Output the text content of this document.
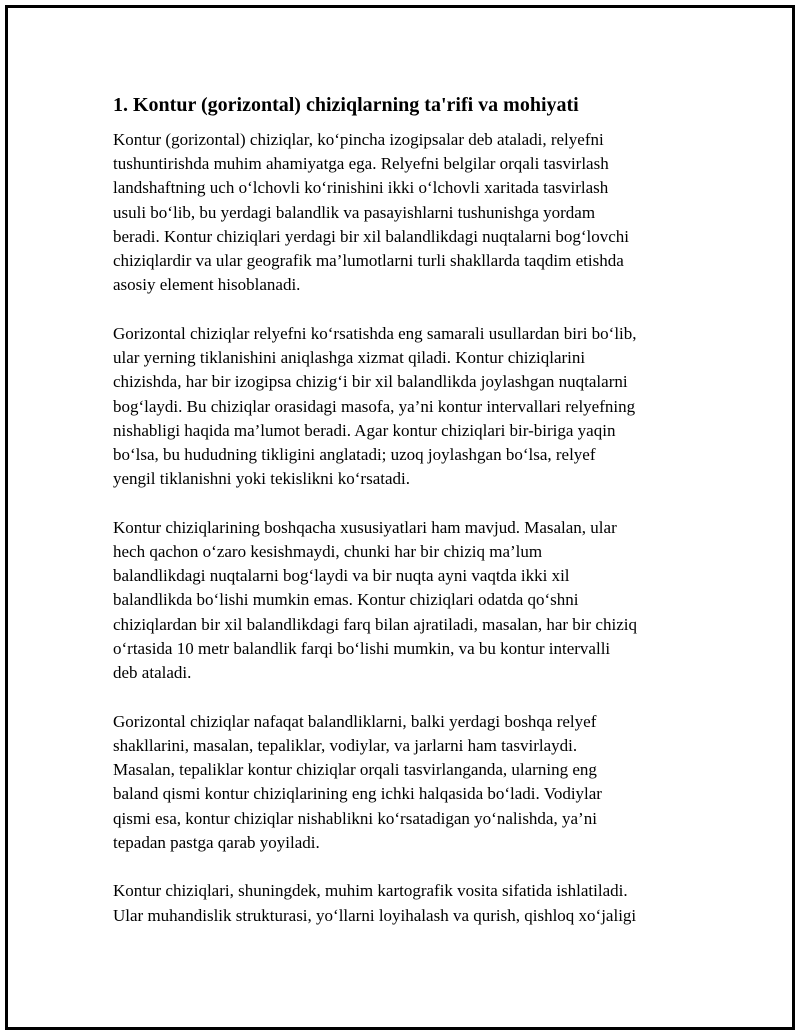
1. Kontur (gorizontal) chiziqlarning ta'rifi va mohiyati

Kontur (gorizontal) chiziqlar, ko‘pincha izogipsalar deb ataladi, relyefni
tushuntirishda muhim ahamiyatga ega. Relyefni belgilar orqali tasvirlash
landshaftning uch o‘lchovli ko‘rinishini ikki o‘lchovli xaritada tasvirlash
usuli bo‘lib, bu yerdagi balandlik va pasayishlarni tushunishga yordam
beradi. Kontur chiziqlari yerdagi bir xil balandlikdagi nuqtalarni bog‘lovchi
chiziqlardir va ular geografik ma’lumotlarni turli shakllarda taqdim etishda
asosiy element hisoblanadi.

Gorizontal chiziqlar relyefni ko‘rsatishda eng samarali usullardan biri bo‘lib,
ular yerning tiklanishini aniqlashga xizmat qiladi. Kontur chiziqlarini
chizishda, har bir izogipsa chizig‘i bir xil balandlikda joylashgan nuqtalarni
bog‘laydi. Bu chiziqlar orasidagi masofa, ya’ni kontur intervallari relyefning
nishabligi haqida ma’lumot beradi. Agar kontur chiziqlari bir-biriga yaqin
bo‘lsa, bu hududning tikligini anglatadi; uzoq joylashgan bo‘lsa, relyef
yengil tiklanishni yoki tekislikni ko‘rsatadi.

Kontur chiziqlarining boshqacha xususiyatlari ham mavjud. Masalan, ular
hech qachon o‘zaro kesishmaydi, chunki har bir chiziq ma’lum
balandlikdagi nuqtalarni bog‘laydi va bir nuqta ayni vaqtda ikki xil
balandlikda bo‘lishi mumkin emas. Kontur chiziqlari odatda qo‘shni
chiziqlardan bir xil balandlikdagi farq bilan ajratiladi, masalan, har bir chiziq
o‘rtasida 10 metr balandlik farqi bo‘lishi mumkin, va bu kontur intervalli
deb ataladi.

Gorizontal chiziqlar nafaqat balandliklarni, balki yerdagi boshqa relyef
shakllarini, masalan, tepaliklar, vodiylar, va jarlarni ham tasvirlaydi.
Masalan, tepaliklar kontur chiziqlar orqali tasvirlanganda, ularning eng
baland qismi kontur chiziqlarining eng ichki halqasida bo‘ladi. Vodiylar
qismi esa, kontur chiziqlar nishablikni ko‘rsatadigan yo‘nalishda, ya’ni
tepadan pastga qarab yoyiladi.

Kontur chiziqlari, shuningdek, muhim kartografik vosita sifatida ishlatiladi.
Ular muhandislik strukturasi, yo‘llarni loyihalash va qurish, qishloq xo‘jaligi
